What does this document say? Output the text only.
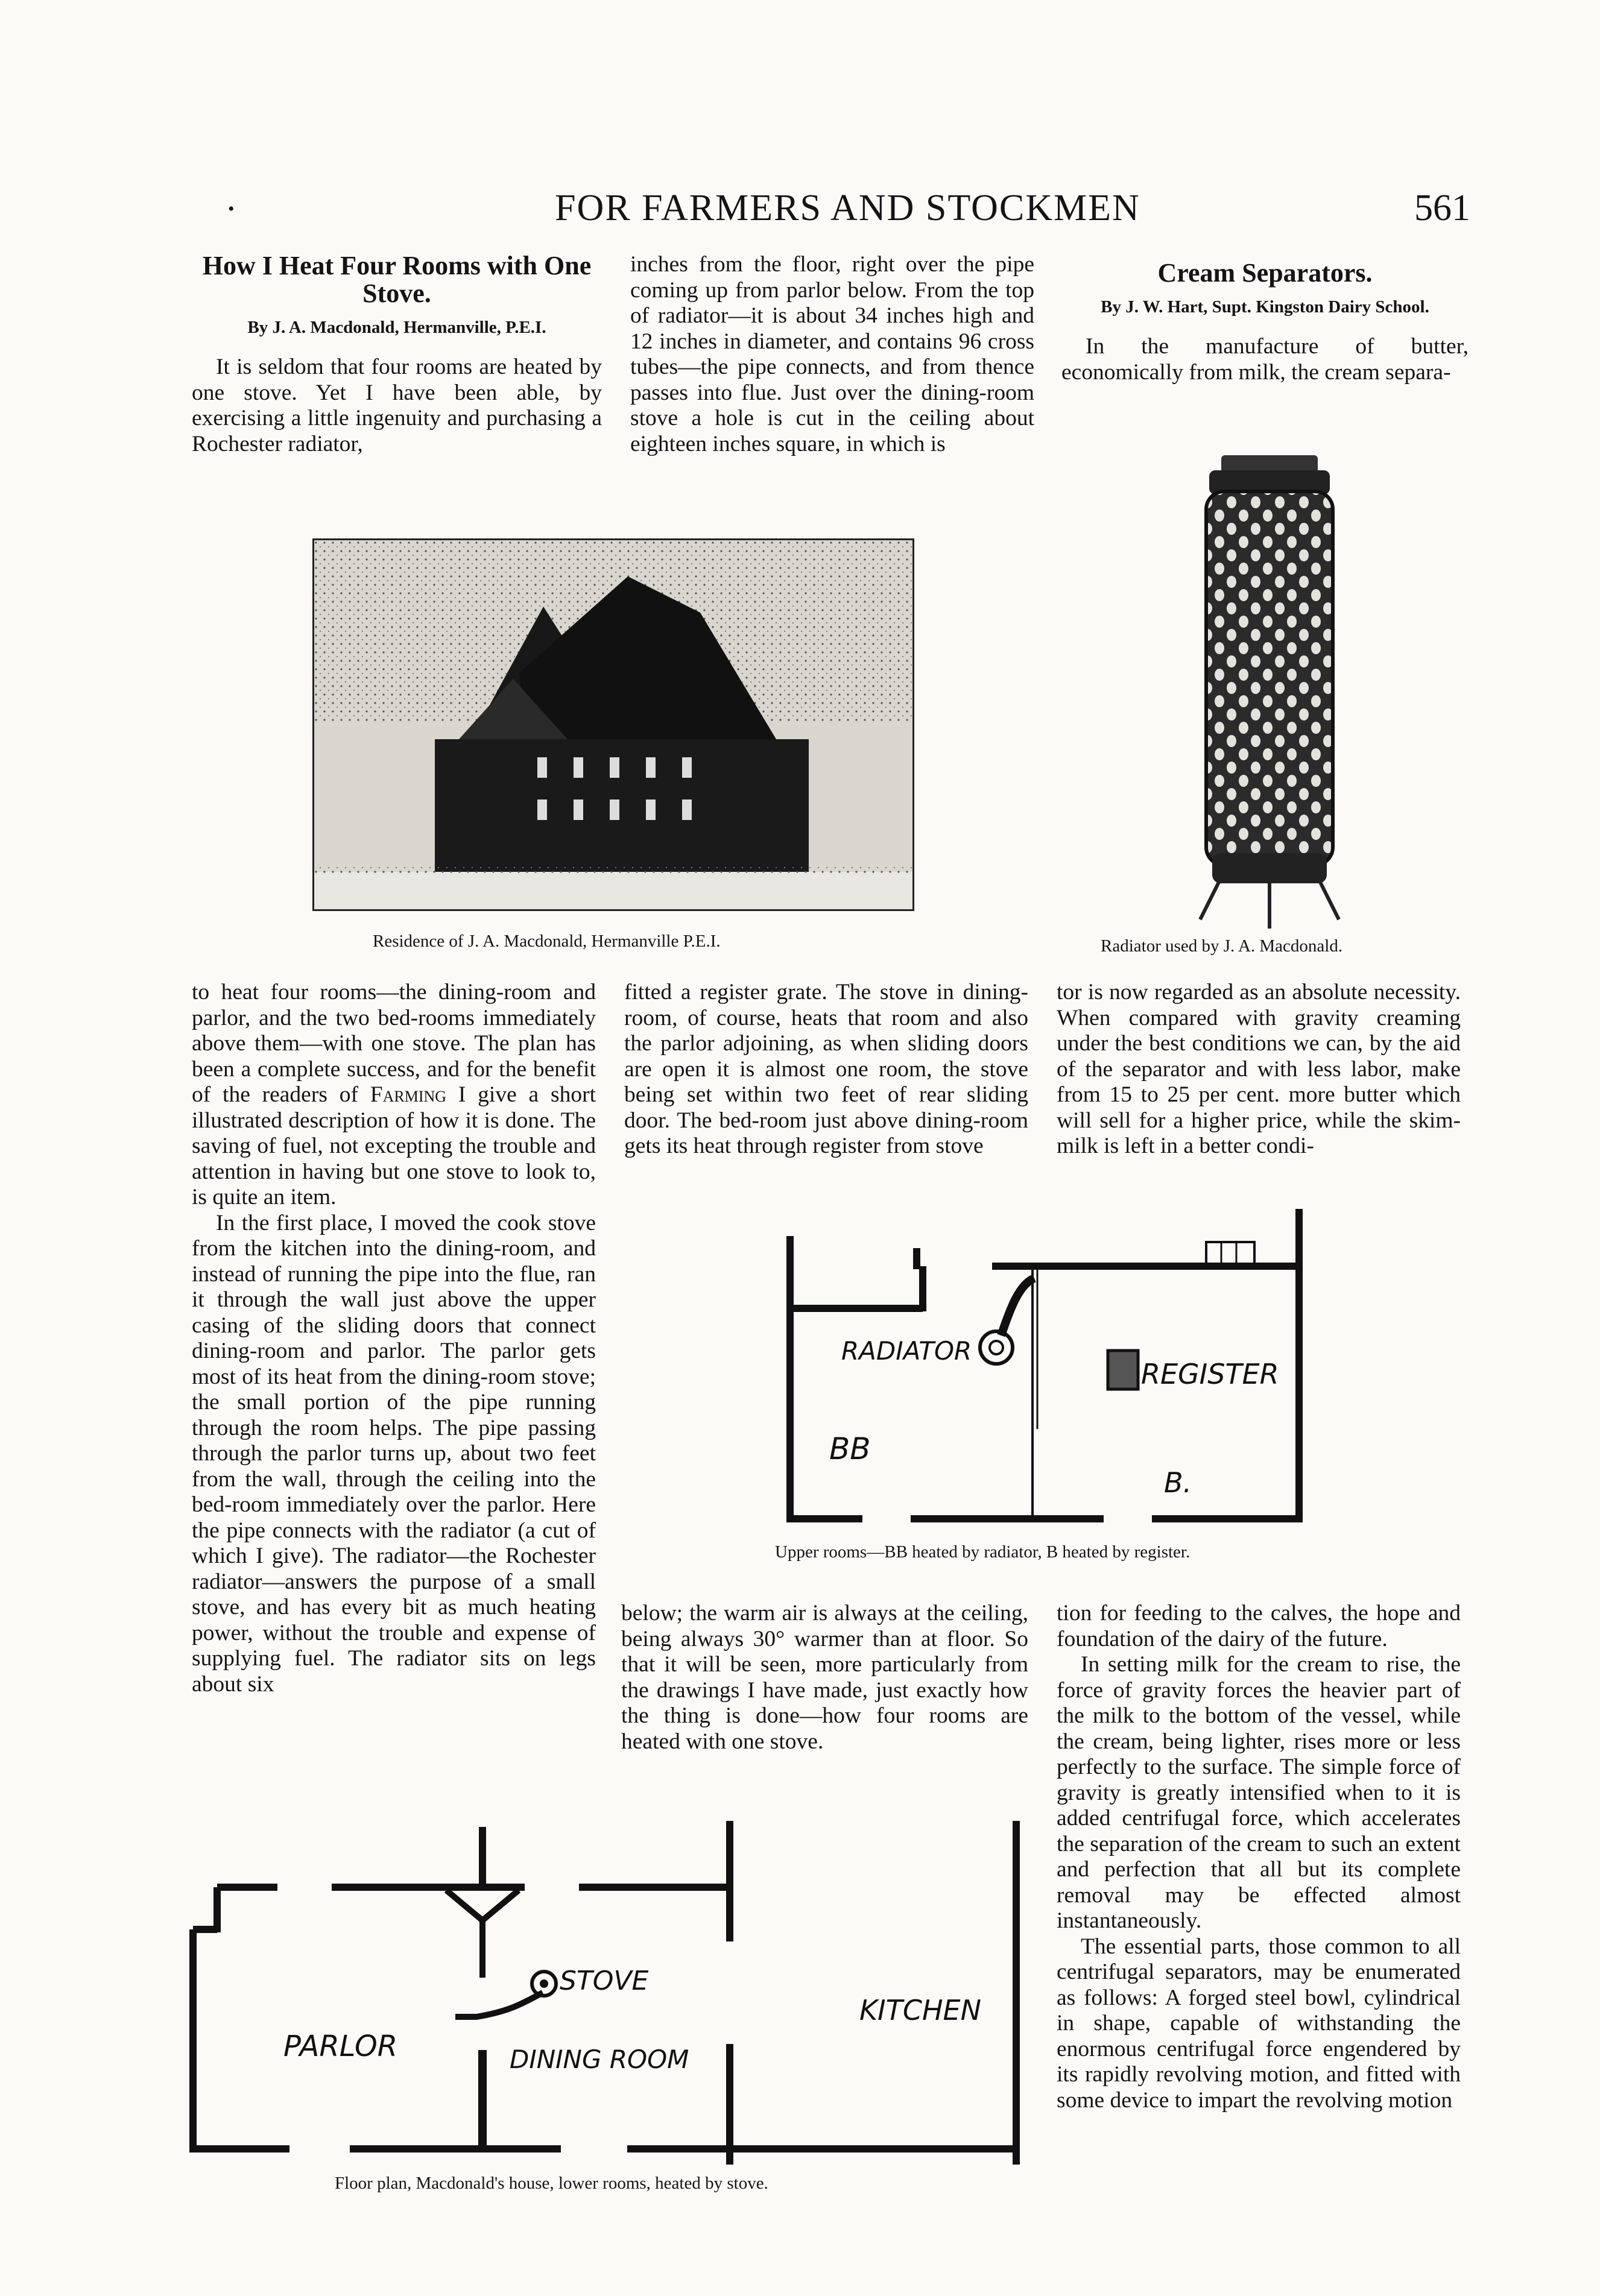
•	FOR FARMERS AND STOCKMEN	561
How I Heat Four Rooms with One Stove.
By J. A. Macdonald, Hermanville, P.E.I.

It is seldom that four rooms are heated by one stove. Yet I have been able, by exercising a little ingenuity and purchasing a Rochester radiator,

inches from the floor, right over the pipe coming up from parlor below. From the top of radiator—it is about 34 inches high and 12 inches in diameter, and contains 96 cross tubes—the pipe connects, and from thence passes into flue. Just over the dining-room stove a hole is cut in the ceiling about eighteen inches square, in which is

Cream Separators.
By J. W. Hart, Supt. Kingston Dairy School.

In the manufacture of butter, economically from milk, the cream separa-

Residence of J. A. Macdonald, Hermanville P.E.I.	Radiator used by J. A. Macdonald.

to heat four rooms—the dining-room and parlor, and the two bed-rooms immediately above them—with one stove. The plan has been a complete success, and for the benefit of the readers of Farming I give a short illustrated description of how it is done. The saving of fuel, not excepting the trouble and attention in having but one stove to look to, is quite an item.

In the first place, I moved the cook stove from the kitchen into the dining-room, and instead of running the pipe into the flue, ran it through the wall just above the upper casing of the sliding doors that connect dining-room and parlor. The parlor gets most of its heat from the dining-room stove; the small portion of the pipe running through the room helps. The pipe passing through the parlor turns up, about two feet from the wall, through the ceiling into the bed-room immediately over the parlor. Here the pipe connects with the radiator (a cut of which I give). The radiator—the Rochester radiator—answers the purpose of a small stove, and has every bit as much heating power, without the trouble and expense of supplying fuel. The radiator sits on legs about six

fitted a register grate. The stove in dining-room, of course, heats that room and also the parlor adjoining, as when sliding doors are open it is almost one room, the stove being set within two feet of rear sliding door. The bed-room just above dining-room gets its heat through register from stove

tor is now regarded as an absolute necessity. When compared with gravity creaming under the best conditions we can, by the aid of the separator and with less labor, make from 15 to 25 per cent. more butter which will sell for a higher price, while the skim-milk is left in a better condi-

RADIATOR
REGISTER
BB
B.
Upper rooms—BB heated by radiator, B heated by register.

below; the warm air is always at the ceiling, being always 30° warmer than at floor. So that it will be seen, more particularly from the drawings I have made, just exactly how the thing is done—how four rooms are heated with one stove.

tion for feeding to the calves, the hope and foundation of the dairy of the future.

In setting milk for the cream to rise, the force of gravity forces the heavier part of the milk to the bottom of the vessel, while the cream, being lighter, rises more or less perfectly to the surface. The simple force of gravity is greatly intensified when to it is added centrifugal force, which accelerates the separation of the cream to such an extent and perfection that all but its complete removal may be effected almost instantaneously.

The essential parts, those common to all centrifugal separators, may be enumerated as follows: A forged steel bowl, cylindrical in shape, capable of withstanding the enormous centrifugal force engendered by its rapidly revolving motion, and fitted with some device to impart the revolving motion

STOVE
KITCHEN
PARLOR	DINING ROOM
Floor plan, Macdonald's house, lower rooms, heated by stove.
